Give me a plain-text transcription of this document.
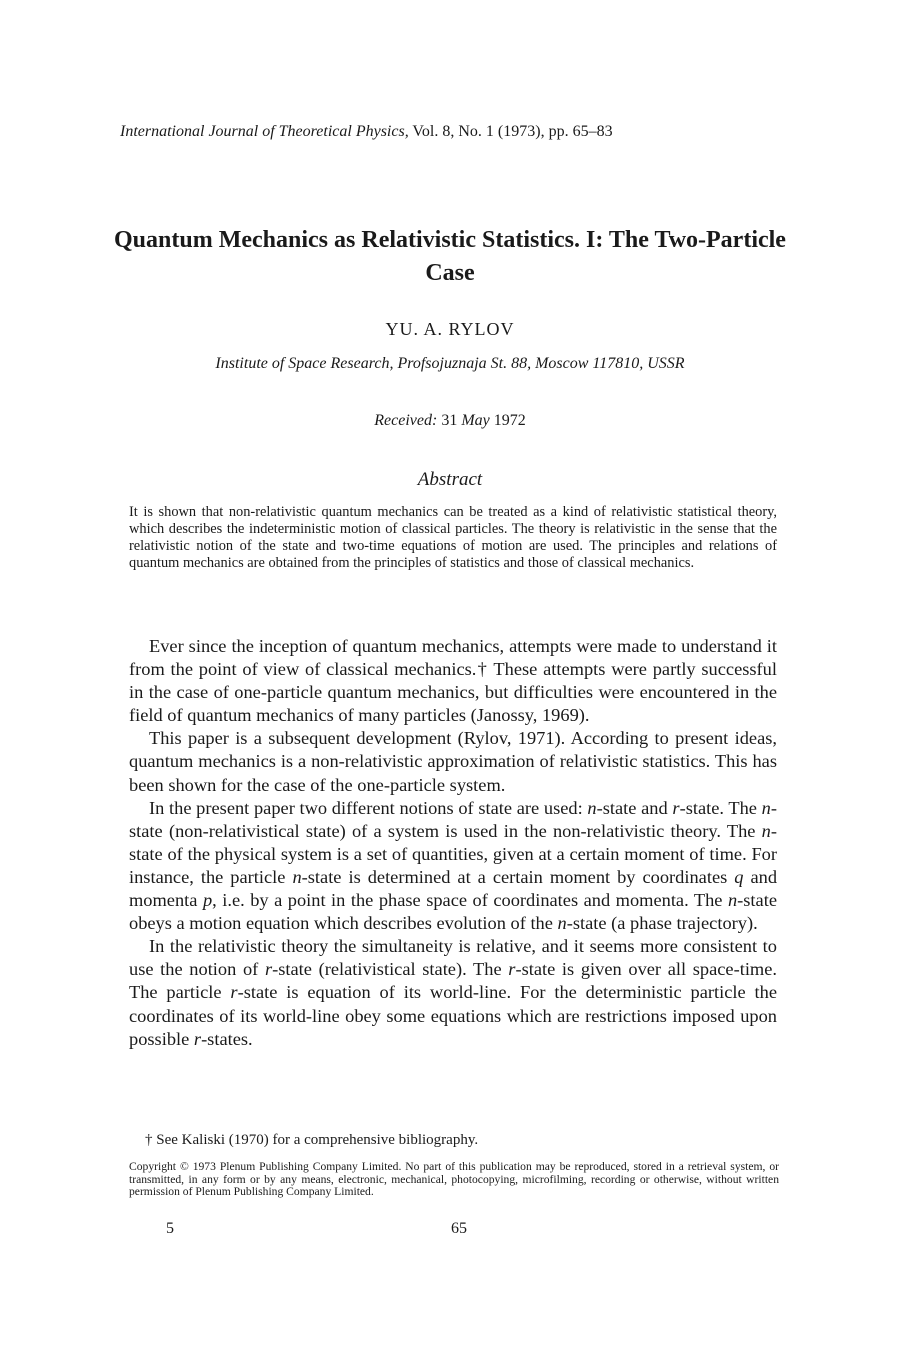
International Journal of Theoretical Physics, Vol. 8, No. 1 (1973), pp. 65–83
Quantum Mechanics as Relativistic Statistics. I: The Two-Particle Case
YU. A. RYLOV
Institute of Space Research, Profsojuznaja St. 88, Moscow 117810, USSR
Received: 31 May 1972
Abstract
It is shown that non-relativistic quantum mechanics can be treated as a kind of relativistic statistical theory, which describes the indeterministic motion of classical particles. The theory is relativistic in the sense that the relativistic notion of the state and two-time equations of motion are used. The principles and relations of quantum mechanics are obtained from the principles of statistics and those of classical mechanics.

Ever since the inception of quantum mechanics, attempts were made to understand it from the point of view of classical mechanics.† These attempts were partly successful in the case of one-particle quantum mechanics, but difficulties were encountered in the field of quantum mechanics of many particles (Janossy, 1969).

This paper is a subsequent development (Rylov, 1971). According to present ideas, quantum mechanics is a non-relativistic approximation of relativistic statistics. This has been shown for the case of the one-particle system.

In the present paper two different notions of state are used: n-state and r-state. The n-state (non-relativistical state) of a system is used in the non-relativistic theory. The n-state of the physical system is a set of quantities, given at a certain moment of time. For instance, the particle n-state is determined at a certain moment by coordinates q and momenta p, i.e. by a point in the phase space of coordinates and momenta. The n-state obeys a motion equation which describes evolution of the n-state (a phase trajectory).

In the relativistic theory the simultaneity is relative, and it seems more consistent to use the notion of r-state (relativistical state). The r-state is given over all space-time. The particle r-state is equation of its world-line. For the deterministic particle the coordinates of its world-line obey some equations which are restrictions imposed upon possible r-states.

† See Kaliski (1970) for a comprehensive bibliography.
Copyright © 1973 Plenum Publishing Company Limited. No part of this publication may be reproduced, stored in a retrieval system, or transmitted, in any form or by any means, electronic, mechanical, photocopying, microfilming, recording or otherwise, without written permission of Plenum Publishing Company Limited.
5	65
